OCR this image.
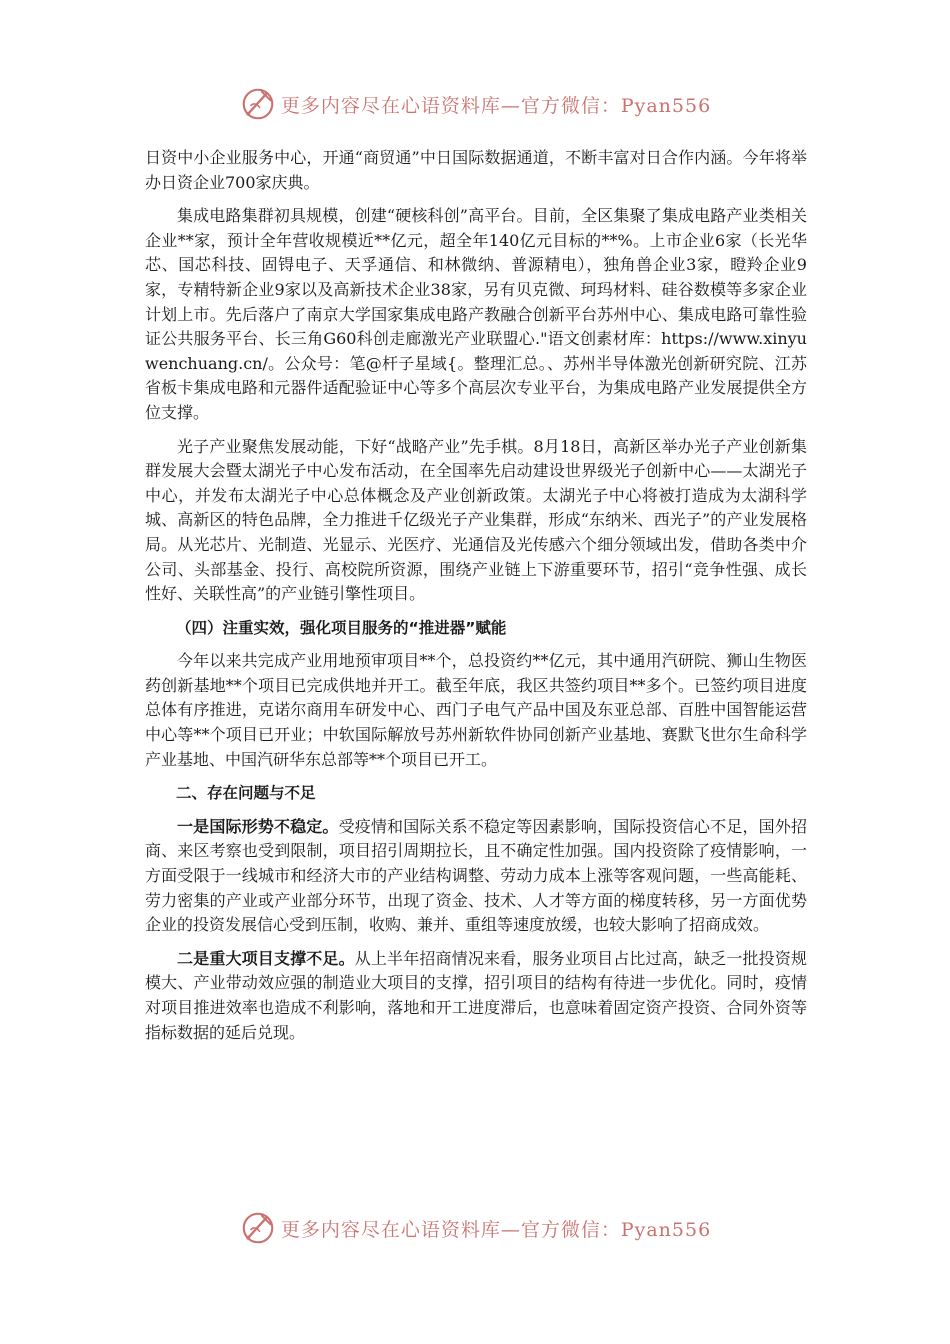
更多内容尽在心语资料库—官方微信：Pyan556

日资中小企业服务中心，开通“商贸通”中日国际数据通道，不断丰富对日合作内涵。今年将举办日资企业700家庆典。

集成电路集群初具规模，创建“硬核科创”高平台。目前，全区集聚了集成电路产业类相关企业**家，预计全年营收规模近**亿元，超全年140亿元目标的**%。上市企业6家（长光华芯、国芯科技、固锝电子、天孚通信、和林微纳、普源精电），独角兽企业3家，瞪羚企业9家，专精特新企业9家以及高新技术企业38家，另有贝克微、珂玛材料、硅谷数模等多家企业计划上市。先后落户了南京大学国家集成电路产教融合创新平台苏州中心、集成电路可靠性验证公共服务平台、长三角G60科创走廊激光产业联盟心."语文创素材库：https://www.xinyuwenchuang.cn/。公众号：笔@杆子星域{。整理汇总。、苏州半导体激光创新研究院、江苏省板卡集成电路和元器件适配验证中心等多个高层次专业平台，为集成电路产业发展提供全方位支撑。

光子产业聚焦发展动能，下好“战略产业”先手棋。8月18日，高新区举办光子产业创新集群发展大会暨太湖光子中心发布活动，在全国率先启动建设世界级光子创新中心——太湖光子中心，并发布太湖光子中心总体概念及产业创新政策。太湖光子中心将被打造成为太湖科学城、高新区的特色品牌，全力推进千亿级光子产业集群，形成“东纳米、西光子”的产业发展格局。从光芯片、光制造、光显示、光医疗、光通信及光传感六个细分领域出发，借助各类中介公司、头部基金、投行、高校院所资源，围绕产业链上下游重要环节，招引“竞争性强、成长性好、关联性高”的产业链引擎性项目。

（四）注重实效，强化项目服务的“推进器”赋能

今年以来共完成产业用地预审项目**个，总投资约**亿元，其中通用汽研院、狮山生物医药创新基地**个项目已完成供地并开工。截至年底，我区共签约项目**多个。已签约项目进度总体有序推进，克诺尔商用车研发中心、西门子电气产品中国及东亚总部、百胜中国智能运营中心等**个项目已开业；中软国际解放号苏州新软件协同创新产业基地、赛默飞世尔生命科学产业基地、中国汽研华东总部等**个项目已开工。

二、存在问题与不足

一是国际形势不稳定。受疫情和国际关系不稳定等因素影响，国际投资信心不足，国外招商、来区考察也受到限制，项目招引周期拉长，且不确定性加强。国内投资除了疫情影响，一方面受限于一线城市和经济大市的产业结构调整、劳动力成本上涨等客观问题，一些高能耗、劳力密集的产业或产业部分环节，出现了资金、技术、人才等方面的梯度转移，另一方面优势企业的投资发展信心受到压制，收购、兼并、重组等速度放缓，也较大影响了招商成效。

二是重大项目支撑不足。从上半年招商情况来看，服务业项目占比过高，缺乏一批投资规模大、产业带动效应强的制造业大项目的支撑，招引项目的结构有待进一步优化。同时，疫情对项目推进效率也造成不利影响，落地和开工进度滞后，也意味着固定资产投资、合同外资等指标数据的延后兑现。

更多内容尽在心语资料库—官方微信：Pyan556
